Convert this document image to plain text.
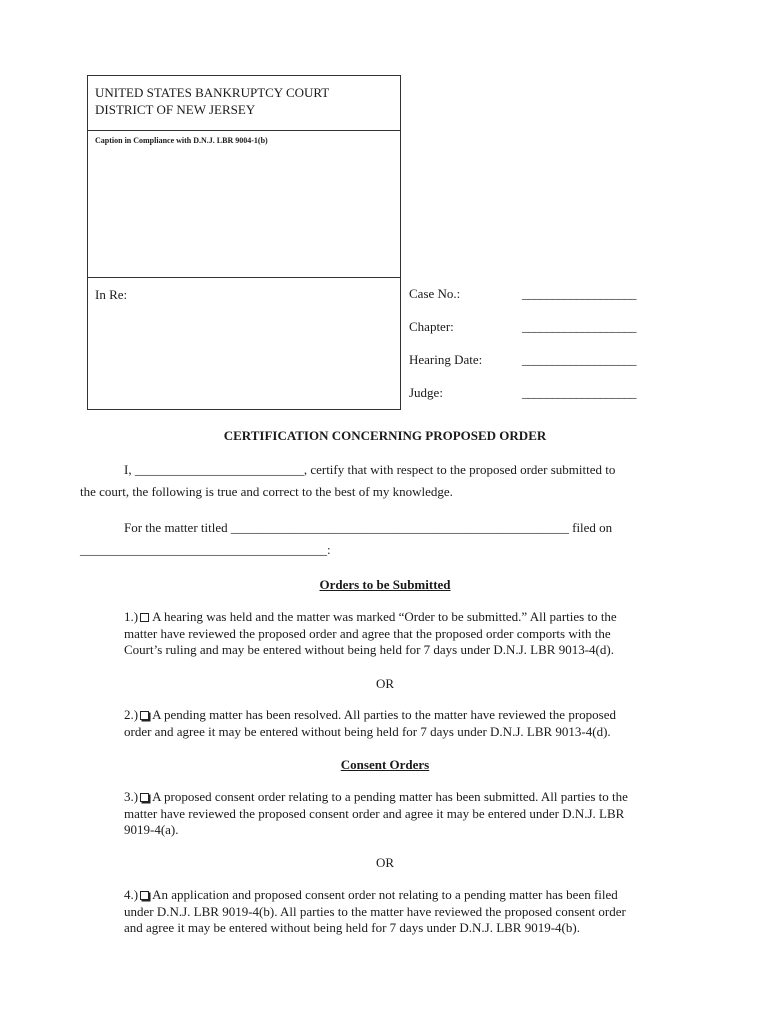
UNITED STATES BANKRUPTCY COURT
DISTRICT OF NEW JERSEY
Caption in Compliance with D.N.J. LBR 9004-1(b)
In Re:	Case No.:	___________________
Chapter:	___________________
Hearing Date:	___________________
Judge:	___________________
CERTIFICATION CONCERNING PROPOSED ORDER
I, __________________________, certify that with respect to the proposed order submitted to
the court, the following is true and correct to the best of my knowledge.
For the matter titled ____________________________________________________ filed on
______________________________________:
Orders to be Submitted
1.) A hearing was held and the matter was marked “Order to be submitted.” All parties to the
matter have reviewed the proposed order and agree that the proposed order comports with the
Court’s ruling and may be entered without being held for 7 days under D.N.J. LBR 9013-4(d).
OR
2.) A pending matter has been resolved. All parties to the matter have reviewed the proposed
order and agree it may be entered without being held for 7 days under D.N.J. LBR 9013-4(d).
Consent Orders
3.) A proposed consent order relating to a pending matter has been submitted. All parties to the
matter have reviewed the proposed consent order and agree it may be entered under D.N.J. LBR
9019-4(a).
OR
4.) An application and proposed consent order not relating to a pending matter has been filed
under D.N.J. LBR 9019-4(b). All parties to the matter have reviewed the proposed consent order
and agree it may be entered without being held for 7 days under D.N.J. LBR 9019-4(b).
